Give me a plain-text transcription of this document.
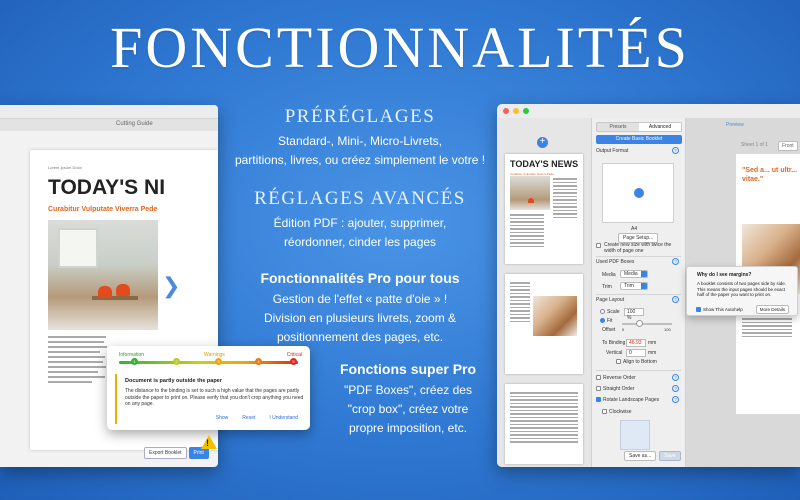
FONCTIONNALITÉS
PRÉRÉGLAGES
Standard-, Mini-, Micro-Livrets,
partitions, livres, ou créez simplement le votre !
RÉGLAGES AVANCÉS
Édition PDF : ajouter, supprimer,
réordonner, cinder les pages
Fonctionnalités Pro pour tous
Gestion de l'effet « patte d'oie » !
Division en plusieurs livrets, zoom &
positionnement des pages, etc.
Fonctions super Pro
"PDF Boxes", créez des
"crop box", créez votre
propre imposition, etc.
Cutting Guide
Lorem Ipsum Dolor
TODAY'S NI
Curabitur Vulputate Viverra Pede
❯
Export Booklet	Print
Information	Warnings	Critical
1	2	3	4	5
Document is partly outside the paper
The distance to the binding is set to such a high value that the pages are partly outside the paper to print on. Please verify that you don't crop anything you need on any page.
Show	Reset	I Understand
!
+
TODAY'S NEWS
Curabitur Vulputate Viverra Pede
Presets	Advanced
Create Basic Booklet
Output Format	?
A4
Page Setup...
Create new size with twice the width of page one
Used PDF Boxes	?
Media	Media
Trim	Trim
Page Layout	?
Scale	100 %
Fit
Offset 0	100
To Binding 46,93	mm
Vertical	0	mm
Align to Bottom
Reverse Order	?
Straight Order	?
Rotate Landscape Pages	?
Clockwise
Save as...	Save
Preview
Sheet 1 of 1	Front
"Sed a... ut ultr... vitae."
Why do I see margins?
A booklet consists of two pages side by side. This means the input pages should be exact half of the paper you want to print on.
Show This Autohelp	More Details
